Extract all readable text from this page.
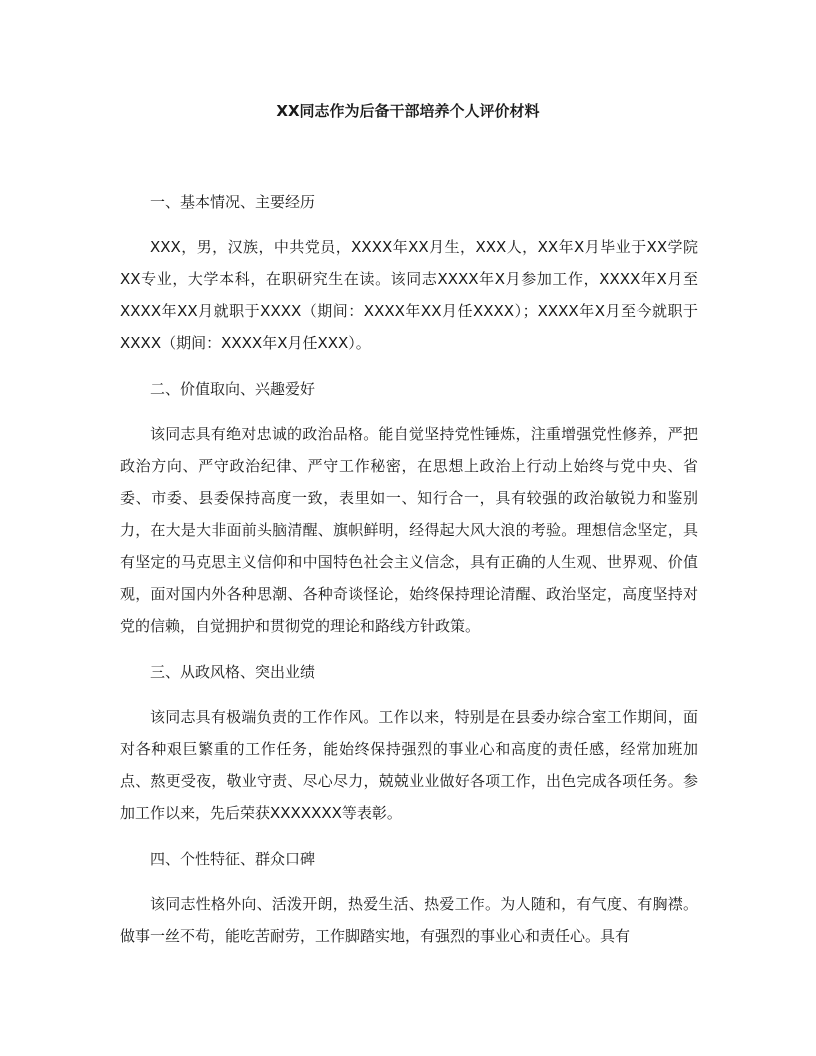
XX同志作为后备干部培养个人评价材料

一、基本情况、主要经历

XXX，男，汉族，中共党员，XXXX年XX月生，XXX人，XX年X月毕业于XX学院XX专业，大学本科，在职研究生在读。该同志XXXX年X月参加工作，XXXX年X月至XXXX年XX月就职于XXXX（期间：XXXX年XX月任XXXX）；XXXX年X月至今就职于XXXX（期间：XXXX年X月任XXX）。

二、价值取向、兴趣爱好

该同志具有绝对忠诚的政治品格。能自觉坚持党性锤炼，注重增强党性修养，严把政治方向、严守政治纪律、严守工作秘密，在思想上政治上行动上始终与党中央、省委、市委、县委保持高度一致，表里如一、知行合一，具有较强的政治敏锐力和鉴别力，在大是大非面前头脑清醒、旗帜鲜明，经得起大风大浪的考验。理想信念坚定，具有坚定的马克思主义信仰和中国特色社会主义信念，具有正确的人生观、世界观、价值观，面对国内外各种思潮、各种奇谈怪论，始终保持理论清醒、政治坚定，高度坚持对党的信赖，自觉拥护和贯彻党的理论和路线方针政策。

三、从政风格、突出业绩

该同志具有极端负责的工作作风。工作以来，特别是在县委办综合室工作期间，面对各种艰巨繁重的工作任务，能始终保持强烈的事业心和高度的责任感，经常加班加点、熬更受夜，敬业守责、尽心尽力，兢兢业业做好各项工作，出色完成各项任务。参加工作以来，先后荣获XXXXXXX等表彰。

四、个性特征、群众口碑

该同志性格外向、活泼开朗，热爱生活、热爱工作。为人随和，有气度、有胸襟。做事一丝不苟，能吃苦耐劳，工作脚踏实地，有强烈的事业心和责任心。具有
